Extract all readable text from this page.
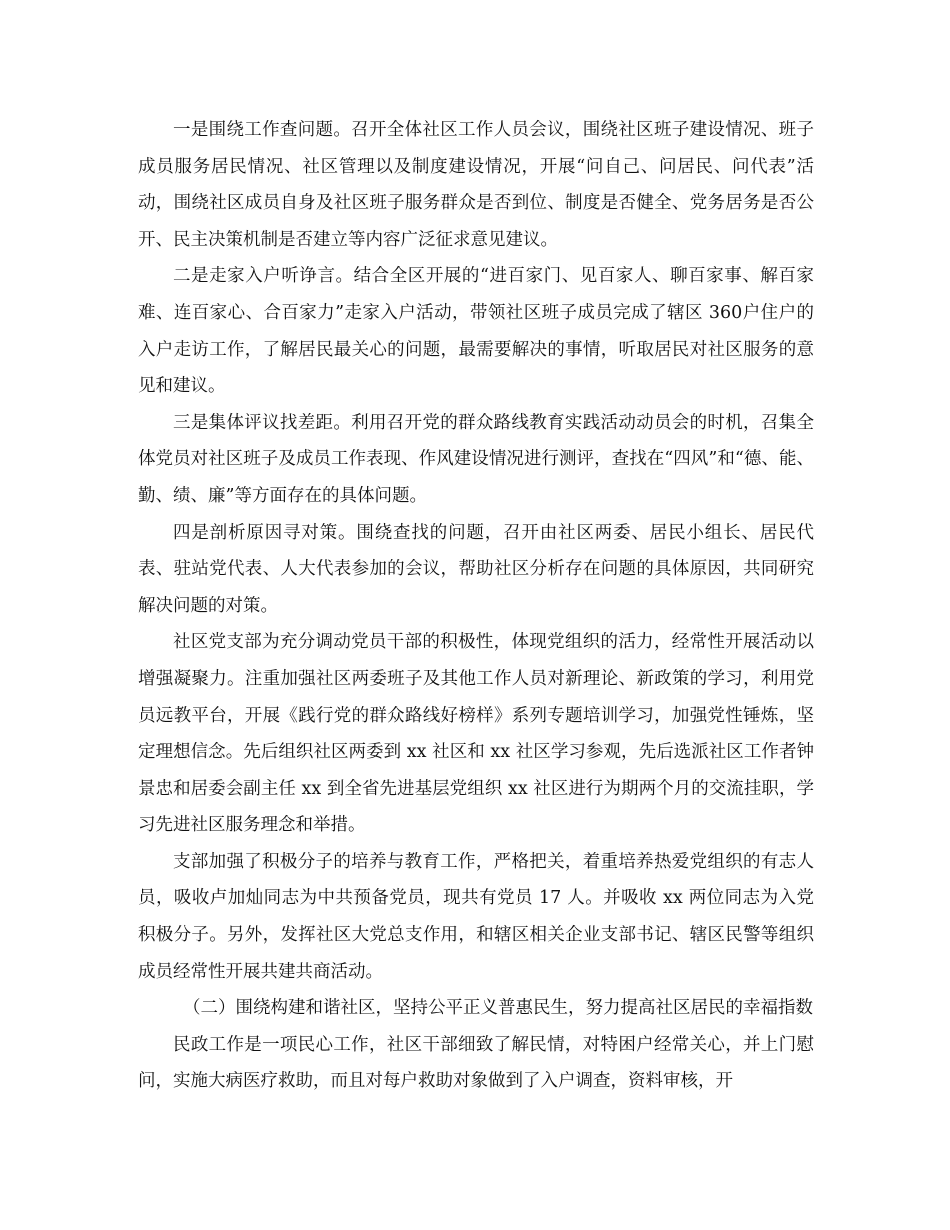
一是围绕工作查问题。召开全体社区工作人员会议，围绕社区班子建设情况、班子成员服务居民情况、社区管理以及制度建设情况，开展“问自己、问居民、问代表”活动，围绕社区成员自身及社区班子服务群众是否到位、制度是否健全、党务居务是否公开、民主决策机制是否建立等内容广泛征求意见建议。

二是走家入户听诤言。结合全区开展的“进百家门、见百家人、聊百家事、解百家难、连百家心、合百家力”走家入户活动，带领社区班子成员完成了辖区 360户住户的入户走访工作，了解居民最关心的问题，最需要解决的事情，听取居民对社区服务的意见和建议。

三是集体评议找差距。利用召开党的群众路线教育实践活动动员会的时机，召集全体党员对社区班子及成员工作表现、作风建设情况进行测评，查找在“四风”和“德、能、勤、绩、廉”等方面存在的具体问题。

四是剖析原因寻对策。围绕查找的问题，召开由社区两委、居民小组长、居民代表、驻站党代表、人大代表参加的会议，帮助社区分析存在问题的具体原因，共同研究解决问题的对策。

社区党支部为充分调动党员干部的积极性，体现党组织的活力，经常性开展活动以增强凝聚力。注重加强社区两委班子及其他工作人员对新理论、新政策的学习，利用党员远教平台，开展《践行党的群众路线好榜样》系列专题培训学习，加强党性锤炼，坚定理想信念。先后组织社区两委到 xx 社区和 xx 社区学习参观，先后选派社区工作者钟景忠和居委会副主任 xx 到全省先进基层党组织 xx 社区进行为期两个月的交流挂职，学习先进社区服务理念和举措。

支部加强了积极分子的培养与教育工作，严格把关，着重培养热爱党组织的有志人员，吸收卢加灿同志为中共预备党员，现共有党员 17 人。并吸收 xx 两位同志为入党积极分子。另外，发挥社区大党总支作用，和辖区相关企业支部书记、辖区民警等组织成员经常性开展共建共商活动。

（二）围绕构建和谐社区，坚持公平正义普惠民生，努力提高社区居民的幸福指数

民政工作是一项民心工作，社区干部细致了解民情，对特困户经常关心，并上门慰问，实施大病医疗救助，而且对每户救助对象做到了入户调查，资料审核，开
